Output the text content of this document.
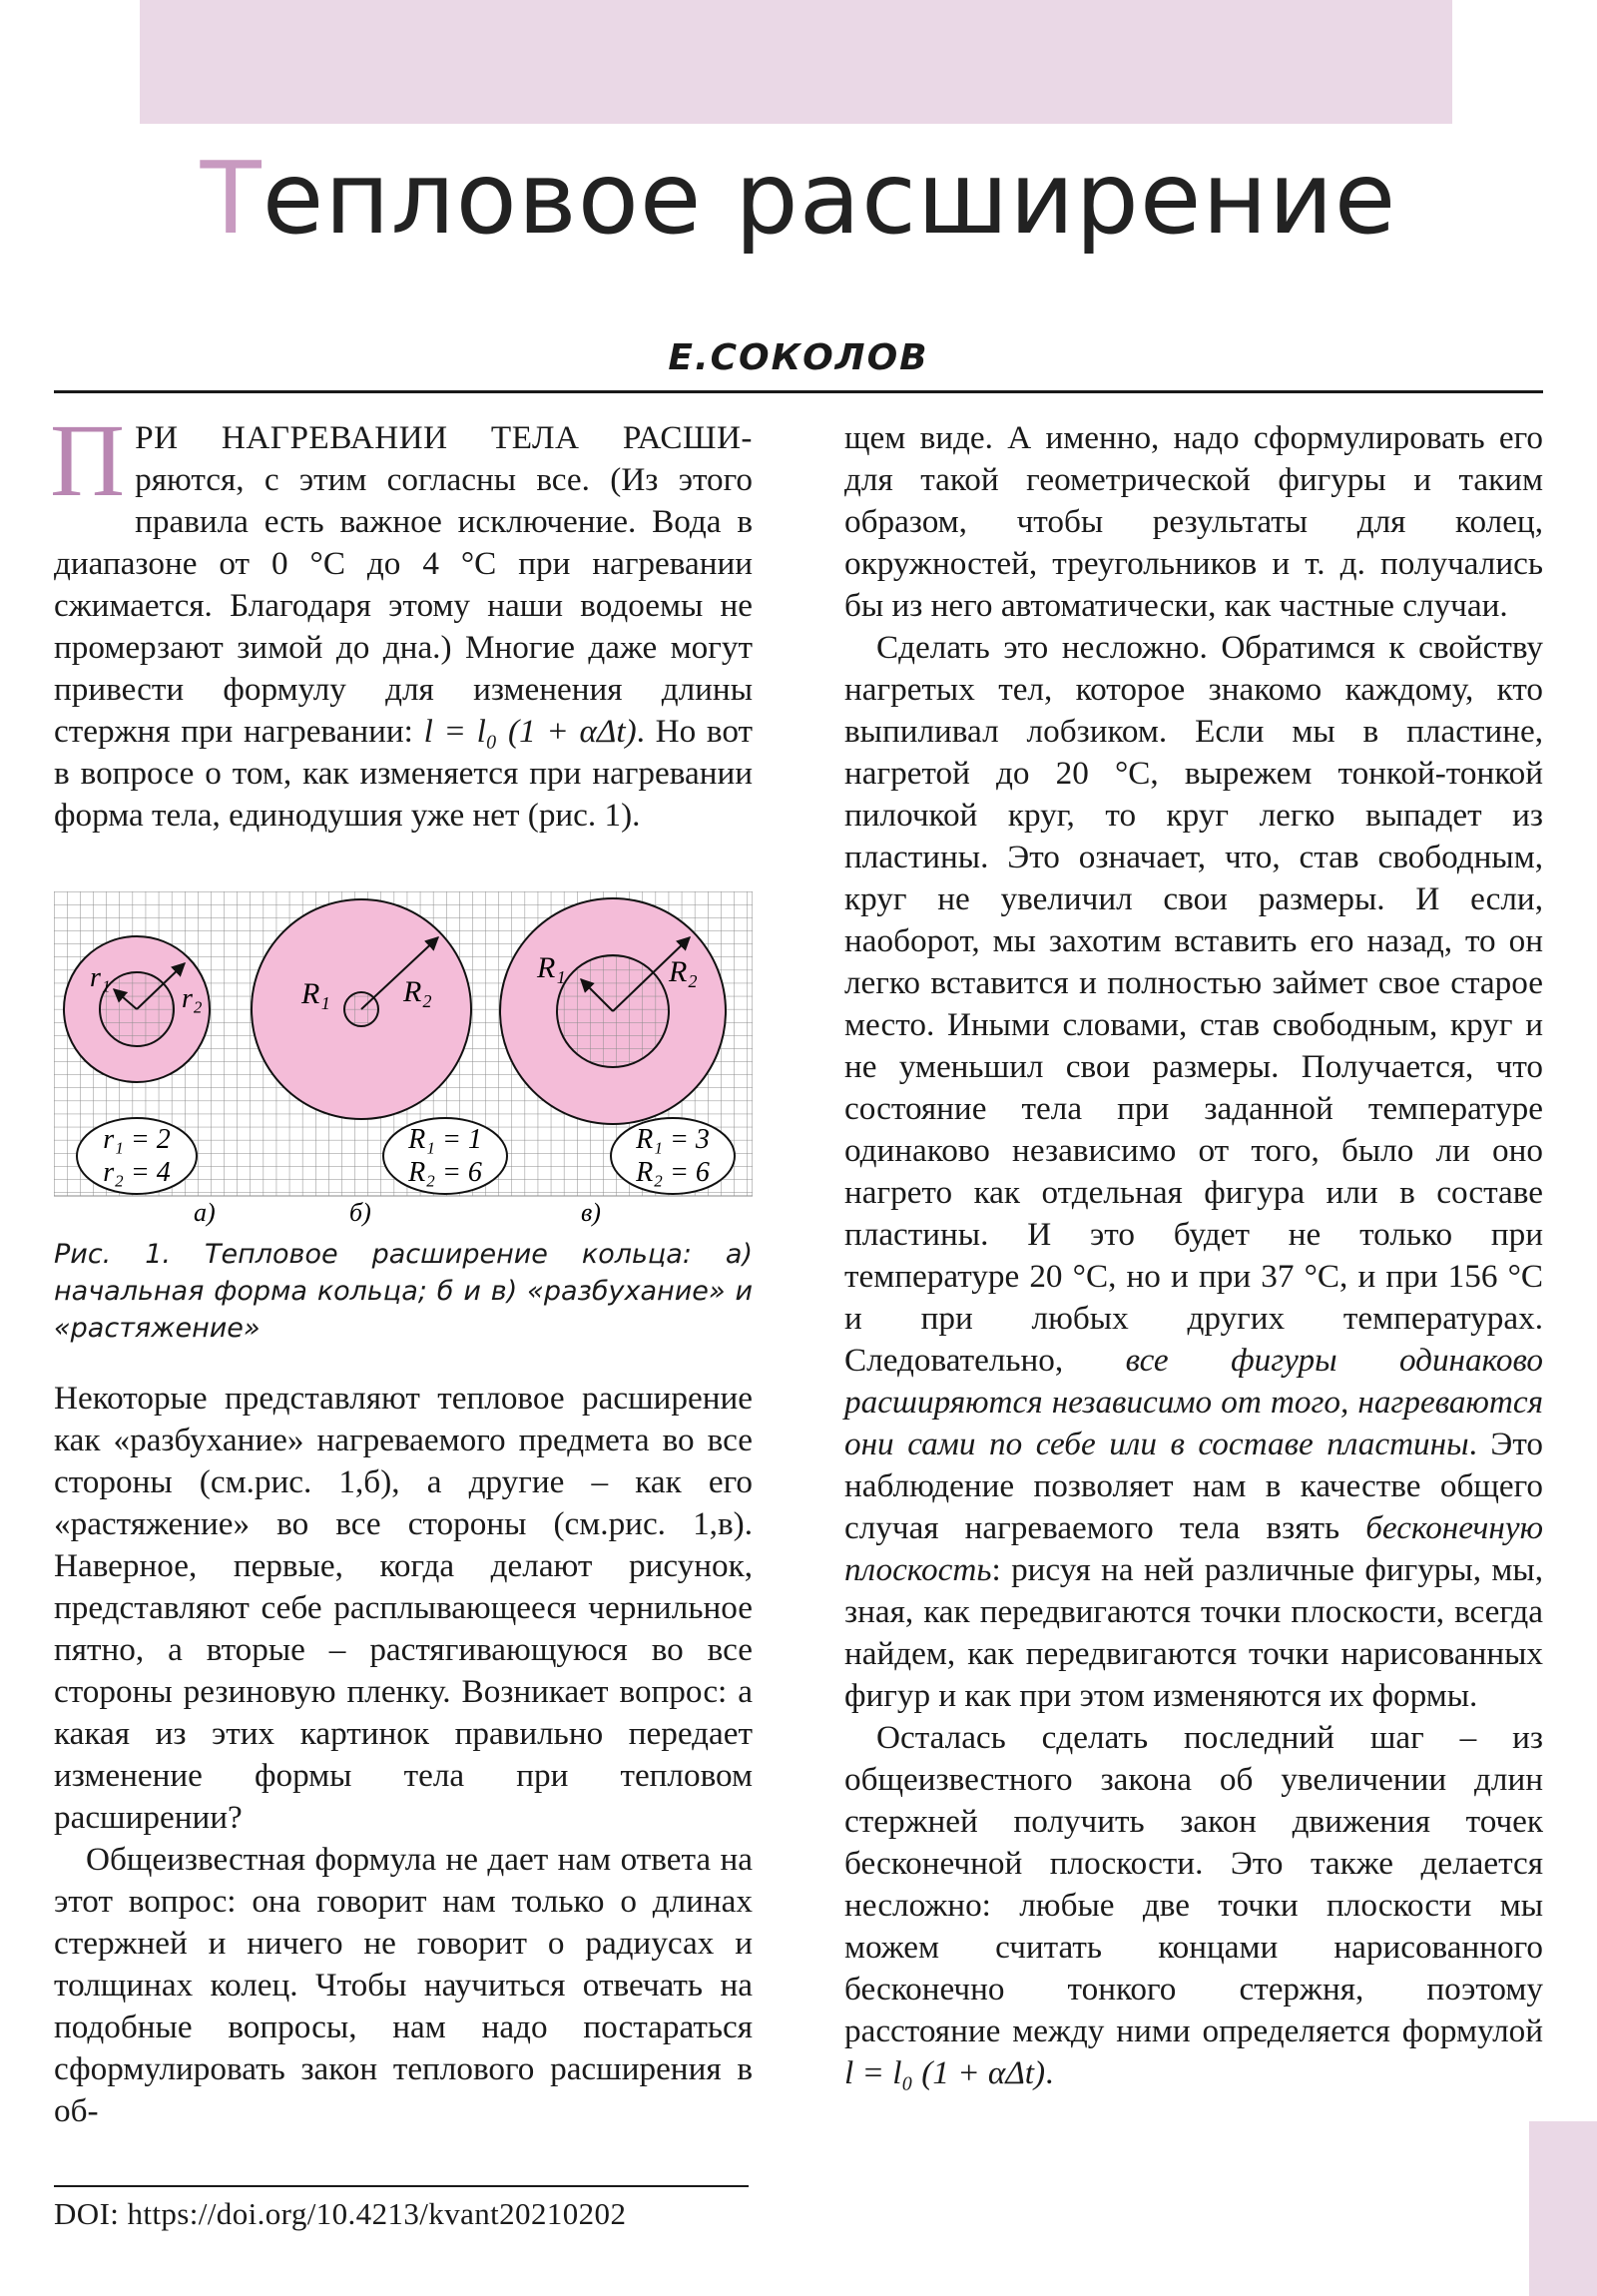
Тепловое расширение
Е.СОКОЛОВ

ПРИ НАГРЕВАНИИ ТЕЛА РАСШИ- ряются, с этим согласны все. (Из этого правила есть важное исключение. Вода в диапазоне от 0 °С до 4 °С при нагревании сжимается. Благодаря этому наши водоемы не промерзают зимой до дна.) Многие даже могут привести формулу для изменения длины стержня при нагревании: l = l₀ (1 + αΔt). Но вот в вопросе о том, как изменяется при нагревании форма тела, единодушия уже нет (рис. 1).

r₁
r₂
r₁ = 2
r₂ = 4
а)
R₁ R₂
R₁ = 1
R₂ = 6
б)
R₁	R₂
R₁ = 3
R₂ = 6
в)
Рис. 1. Тепловое расширение кольца: а) начальная форма кольца; б и в) «разбухание» и «растяжение»

Некоторые представляют тепловое расширение как «разбухание» нагреваемого предмета во все стороны (см.рис. 1,б), а другие – как его «растяжение» во все стороны (см.рис. 1,в). Наверное, первые, когда делают рисунок, представляют себе расплывающееся чернильное пятно, а вторые – растягивающуюся во все стороны резиновую пленку. Возникает вопрос: а какая из этих картинок правильно передает изменение формы тела при тепловом расширении?

Общеизвестная формула не дает нам ответа на этот вопрос: она говорит нам только о длинах стержней и ничего не говорит о радиусах и толщинах колец. Чтобы научиться отвечать на подобные вопросы, нам надо постараться сформулировать закон теплового расширения в об-

щем виде. А именно, надо сформулировать его для такой геометрической фигуры и таким образом, чтобы результаты для колец, окружностей, треугольников и т. д. получались бы из него автоматически, как частные случаи.

Сделать это несложно. Обратимся к свойству нагретых тел, которое знакомо каждому, кто выпиливал лобзиком. Если мы в пластине, нагретой до 20 °С, вырежем тонкой-тонкой пилочкой круг, то круг легко выпадет из пластины. Это означает, что, став свободным, круг не увеличил свои размеры. И если, наоборот, мы захотим вставить его назад, то он легко вставится и полностью займет свое старое место. Иными словами, став свободным, круг и не уменьшил свои размеры. Получается, что состояние тела при заданной температуре одинаково независимо от того, было ли оно нагрето как отдельная фигура или в составе пластины. И это будет не только при температуре 20 °С, но и при 37 °С, и при 156 °С и при любых других температурах. Следовательно, все фигуры одинаково расширяются независимо от того, нагреваются они сами по себе или в составе пластины. Это наблюдение позволяет нам в качестве общего случая нагреваемого тела взять бесконечную плоскость: рисуя на ней различные фигуры, мы, зная, как передвигаются точки плоскости, всегда найдем, как передвигаются точки нарисованных фигур и как при этом изменяются их формы.

Осталась сделать последний шаг – из общеизвестного закона об увеличении длин стержней получить закон движения точек бесконечной плоскости. Это также делается несложно: любые две точки плоскости мы можем считать концами нарисованного бесконечно тонкого стержня, поэтому расстояние между ними определяется формулой l = l₀ (1 + αΔt).

DOI: https://doi.org/10.4213/kvant20210202
